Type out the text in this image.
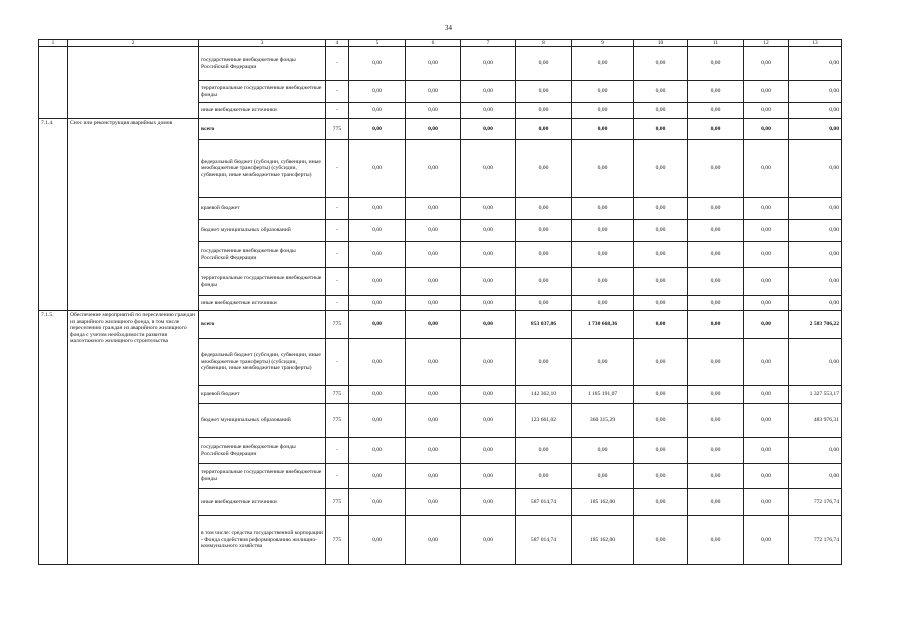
34
1	2	3	4	5	6	7	8	9	10	11	12	13
		государственные внебюджетные фонды Российской Федерации	-	0,00	0,00	0,00	0,00	0,00	0,00	0,00	0,00	0,00
		территориальные государственные внебюджетные фонды	-	0,00	0,00	0,00	0,00	0,00	0,00	0,00	0,00	0,00
		иные внебюджетные источники	-	0,00	0,00	0,00	0,00	0,00	0,00	0,00	0,00	0,00
7.1.4.	Снос или реконструкция аварийных домов	всего	775	0,00	0,00	0,00	0,00	0,00	0,00	0,00	0,00	0,00
		федеральный бюджет (субсидии, субвенции, иные межбюджетные трансферты) (субсидии, субвенции, иные межбюджетные трансферты)	-	0,00	0,00	0,00	0,00	0,00	0,00	0,00	0,00	0,00
		краевой бюджет	-	0,00	0,00	0,00	0,00	0,00	0,00	0,00	0,00	0,00
		бюджет муниципальных образований	-	0,00	0,00	0,00	0,00	0,00	0,00	0,00	0,00	0,00
		государственные внебюджетные фонды Российской Федерации	-	0,00	0,00	0,00	0,00	0,00	0,00	0,00	0,00	0,00
		территориальные государственные внебюджетные фонды	-	0,00	0,00	0,00	0,00	0,00	0,00	0,00	0,00	0,00
		иные внебюджетные источники	-	0,00	0,00	0,00	0,00	0,00	0,00	0,00	0,00	0,00
7.1.5.	Обеспечение мероприятий по переселению граждан из аварийного жилищного фонда, в том числе переселению граждан из аварийного жилищного фонда с учетом необходимости развития малоэтажного жилищного строительства	всего	775	0,00	0,00	0,00	853 037,86	1 730 668,36	0,00	0,00	0,00	2 583 706,22
		федеральный бюджет (субсидии, субвенции, иные межбюджетные трансферты) (субсидии, субвенции, иные межбюджетные трансферты)	-	0,00	0,00	0,00	0,00	0,00	0,00	0,00	0,00	0,00
		краевой бюджет	775	0,00	0,00	0,00	142 362,10	1 185 191,07	0,00	0,00	0,00	1 327 553,17
		бюджет муниципальных образований	775	0,00	0,00	0,00	123 661,02	360 315,29	0,00	0,00	0,00	483 976,31
		государственные внебюджетные фонды Российской Федерации	-	0,00	0,00	0,00	0,00	0,00	0,00	0,00	0,00	0,00
		территориальные государственные внебюджетные фонды	-	0,00	0,00	0,00	0,00	0,00	0,00	0,00	0,00	0,00
		иные внебюджетные источники	775	0,00	0,00	0,00	587 014,74	185 162,00	0,00	0,00	0,00	772 176,74
		в том числе: средства государственной корпорации - Фонда содействия реформированию жилищно-коммунального хозяйства	775	0,00	0,00	0,00	587 014,74	185 162,00	0,00	0,00	0,00	772 176,74
